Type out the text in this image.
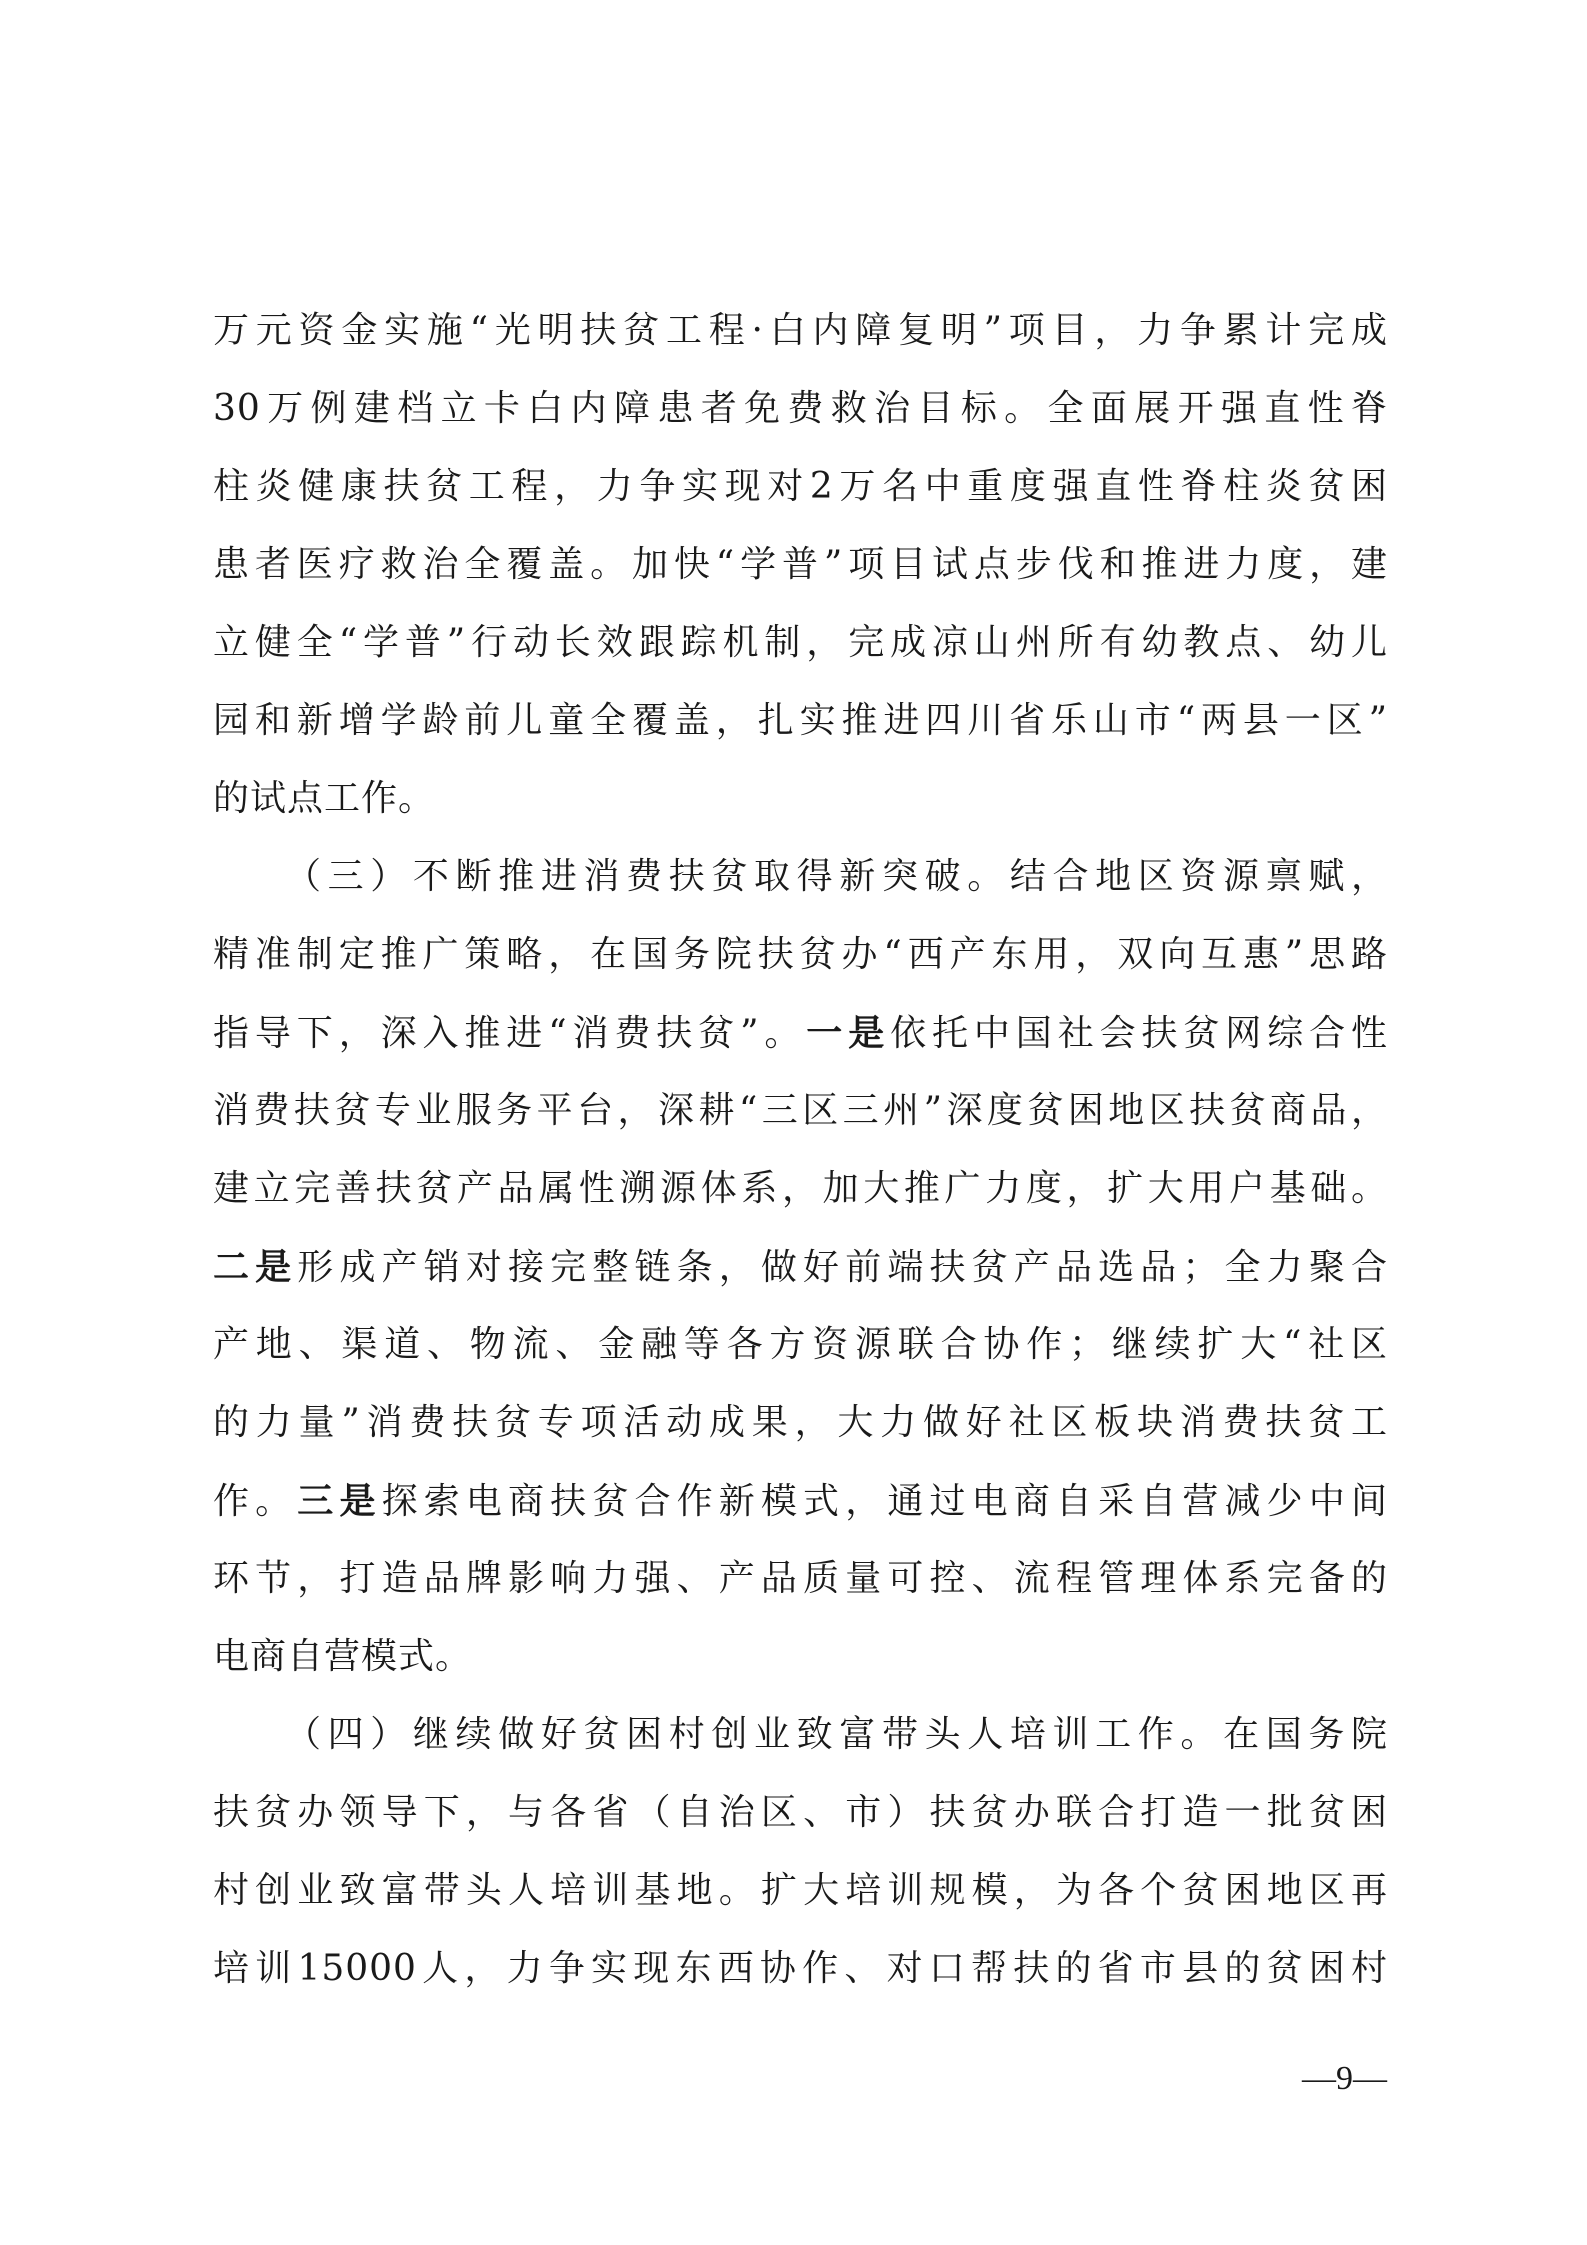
万元资金实施“光明扶贫工程·白内障复明”项目，力争累计完成
30万例建档立卡白内障患者免费救治目标。全面展开强直性脊
柱炎健康扶贫工程，力争实现对2万名中重度强直性脊柱炎贫困
患者医疗救治全覆盖。加快“学普”项目试点步伐和推进力度，建
立健全“学普”行动长效跟踪机制，完成凉山州所有幼教点、幼儿
园和新增学龄前儿童全覆盖，扎实推进四川省乐山市“两县一区”
的试点工作。
（三）不断推进消费扶贫取得新突破。结合地区资源禀赋，
精准制定推广策略，在国务院扶贫办“西产东用，双向互惠”思路
指导下，深入推进“消费扶贫”。一是依托中国社会扶贫网综合性
消费扶贫专业服务平台，深耕“三区三州”深度贫困地区扶贫商品，
建立完善扶贫产品属性溯源体系，加大推广力度，扩大用户基础。
二是形成产销对接完整链条，做好前端扶贫产品选品；全力聚合
产地、渠道、物流、金融等各方资源联合协作；继续扩大“社区
的力量”消费扶贫专项活动成果，大力做好社区板块消费扶贫工
作。三是探索电商扶贫合作新模式，通过电商自采自营减少中间
环节，打造品牌影响力强、产品质量可控、流程管理体系完备的
电商自营模式。
（四）继续做好贫困村创业致富带头人培训工作。在国务院
扶贫办领导下，与各省（自治区、市）扶贫办联合打造一批贫困
村创业致富带头人培训基地。扩大培训规模，为各个贫困地区再
培训15000人，力争实现东西协作、对口帮扶的省市县的贫困村
—9—
